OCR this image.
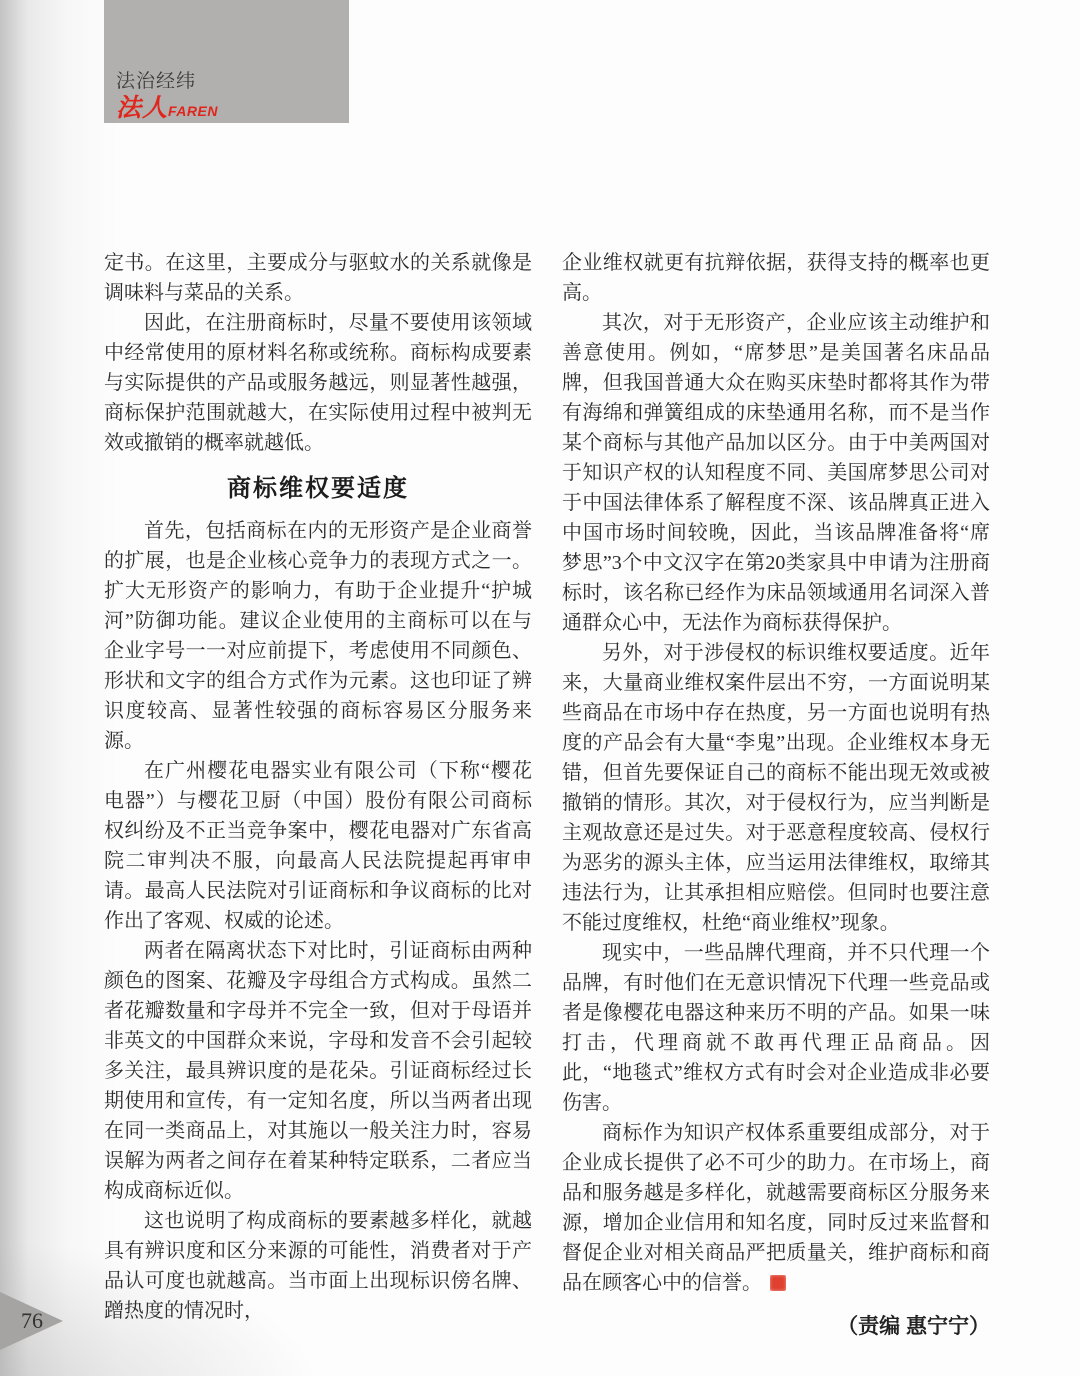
法治经纬
法人FAREN

定书。在这里，主要成分与驱蚊水的关系就像是调味料与菜品的关系。

因此，在注册商标时，尽量不要使用该领域中经常使用的原材料名称或统称。商标构成要素与实际提供的产品或服务越远，则显著性越强，商标保护范围就越大，在实际使用过程中被判无效或撤销的概率就越低。

商标维权要适度

首先，包括商标在内的无形资产是企业商誉的扩展，也是企业核心竞争力的表现方式之一。扩大无形资产的影响力，有助于企业提升“护城河”防御功能。建议企业使用的主商标可以在与企业字号一一对应前提下，考虑使用不同颜色、形状和文字的组合方式作为元素。这也印证了辨识度较高、显著性较强的商标容易区分服务来源。

在广州樱花电器实业有限公司（下称“樱花电器”）与樱花卫厨（中国）股份有限公司商标权纠纷及不正当竞争案中，樱花电器对广东省高院二审判决不服，向最高人民法院提起再审申请。最高人民法院对引证商标和争议商标的比对作出了客观、权威的论述。

两者在隔离状态下对比时，引证商标由两种颜色的图案、花瓣及字母组合方式构成。虽然二者花瓣数量和字母并不完全一致，但对于母语并非英文的中国群众来说，字母和发音不会引起较多关注，最具辨识度的是花朵。引证商标经过长期使用和宣传，有一定知名度，所以当两者出现在同一类商品上，对其施以一般关注力时，容易误解为两者之间存在着某种特定联系，二者应当构成商标近似。

这也说明了构成商标的要素越多样化，就越具有辨识度和区分来源的可能性，消费者对于产品认可度也就越高。当市面上出现标识傍名牌、蹭热度的情况时，

企业维权就更有抗辩依据，获得支持的概率也更高。

其次，对于无形资产，企业应该主动维护和善意使用。例如，“席梦思”是美国著名床品品牌，但我国普通大众在购买床垫时都将其作为带有海绵和弹簧组成的床垫通用名称，而不是当作某个商标与其他产品加以区分。由于中美两国对于知识产权的认知程度不同、美国席梦思公司对于中国法律体系了解程度不深、该品牌真正进入中国市场时间较晚，因此，当该品牌准备将“席梦思”3个中文汉字在第20类家具中申请为注册商标时，该名称已经作为床品领域通用名词深入普通群众心中，无法作为商标获得保护。

另外，对于涉侵权的标识维权要适度。近年来，大量商业维权案件层出不穷，一方面说明某些商品在市场中存在热度，另一方面也说明有热度的产品会有大量“李鬼”出现。企业维权本身无错，但首先要保证自己的商标不能出现无效或被撤销的情形。其次，对于侵权行为，应当判断是主观故意还是过失。对于恶意程度较高、侵权行为恶劣的源头主体，应当运用法律维权，取缔其违法行为，让其承担相应赔偿。但同时也要注意不能过度维权，杜绝“商业维权”现象。

现实中，一些品牌代理商，并不只代理一个品牌，有时他们在无意识情况下代理一些竞品或者是像樱花电器这种来历不明的产品。如果一味打击，代理商就不敢再代理正品商品。因此，“地毯式”维权方式有时会对企业造成非必要伤害。

商标作为知识产权体系重要组成部分，对于企业成长提供了必不可少的助力。在市场上，商品和服务越是多样化，就越需要商标区分服务来源，增加企业信用和知名度，同时反过来监督和督促企业对相关商品严把质量关，维护商标和商品在顾客心中的信誉。

（责编 惠宁宁）

76
